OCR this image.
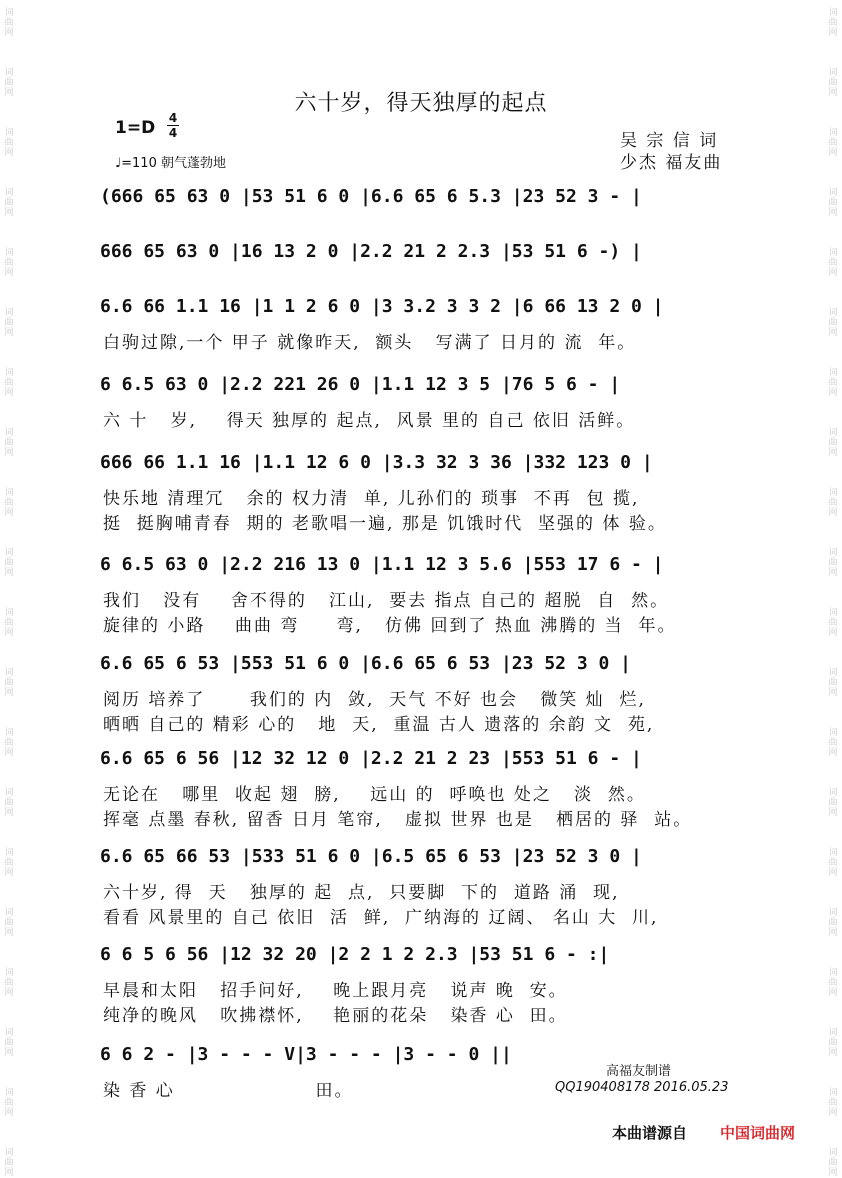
词
曲
网
词
曲
网
词
曲
网
词
曲
网
词
曲
网
词
曲
网
词
曲
网
词
曲
网
词
曲
网
词
曲
网
词
曲
网
词
曲
网
词
曲
网
词
曲
网
词
曲
网
词
曲
网
词
曲
网
词
曲
网
词
曲
网
词
曲
网
词
曲
网
词
曲
网
词
曲
网
词
曲
网
词
曲
网
词
曲
网
词
曲
网
词
曲
网
词
曲
网
词
曲
网
词
曲
网
词
曲
网
词
曲
网
词
曲
网
词
曲
网
词
曲
网
词
曲
网
词
曲
网
词
曲
网
词
曲
网
六十岁，得天独厚的起点
1=D 4
4
♩=110 朝气蓬勃地
吴 宗 信 词
少杰 福友曲
(666 65 63 0 |53 51 6 0 |6.6 65 6 5.3 |23 52 3 - |
666 65 63 0 |16 13 2 0 |2.2 21 2 2.3 |53 51 6 -) |
6.6 66 1.1 16 |1 1 2 6 0 |3 3.2 3 3 2 |6 66 13 2 0 |
白驹过隙,一个 甲子 就像昨天,  额头   写满了 日月的 流  年。
6 6.5 63 0 |2.2 221 26 0 |1.1 12 3 5 |76 5 6 - |
六 十   岁,    得天 独厚的 起点,  风景 里的 自己 依旧 活鲜。
666 66 1.1 16 |1.1 12 6 0 |3.3 32 3 36 |332 123 0 |
快乐地 清理冗   余的 权力清  单, 儿孙们的 琐事  不再  包 揽,
挺  挺胸哺青春  期的 老歌唱一遍, 那是 饥饿时代  坚强的 体 验。
6 6.5 63 0 |2.2 216 13 0 |1.1 12 3 5.6 |553 17 6 - |
我们   没有    舍不得的   江山,  要去 指点 自己的 超脱  自  然。
旋律的 小路    曲曲 弯     弯,   仿佛 回到了 热血 沸腾的 当  年。
6.6 65 6 53 |553 51 6 0 |6.6 65 6 53 |23 52 3 0 |
阅历 培养了      我们的 内  敛,  天气 不好 也会   微笑 灿  烂,
晒晒 自己的 精彩 心的   地  天,  重温 古人 遗落的 余韵 文  苑,
6.6 65 6 56 |12 32 12 0 |2.2 21 2 23 |553 51 6 - |
无论在   哪里  收起 翅  膀,    远山 的  呼唤也 处之   淡  然。
挥毫 点墨 春秋, 留香 日月 笔帘,   虚拟 世界 也是   栖居的 驿  站。
6.6 65 66 53 |533 51 6 0 |6.5 65 6 53 |23 52 3 0 |
六十岁, 得  天   独厚的 起  点,  只要脚  下的  道路 涌  现,
看看 风景里的 自己 依旧  活  鲜,  广纳海的 辽阔、 名山 大  川,
6 6 5 6 56 |12 32 20 |2 2 1 2 2.3 |53 51 6 - :|
早晨和太阳   招手问好,    晚上跟月亮   说声 晚  安。
纯净的晚风   吹拂襟怀,    艳丽的花朵   染香 心  田。
6 6 2 - |3 - - - V|3 - - - |3 - - 0 ||
染 香 心                   田。
高福友制谱
QQ190408178 2016.05.23
本曲谱源自 中国词曲网
